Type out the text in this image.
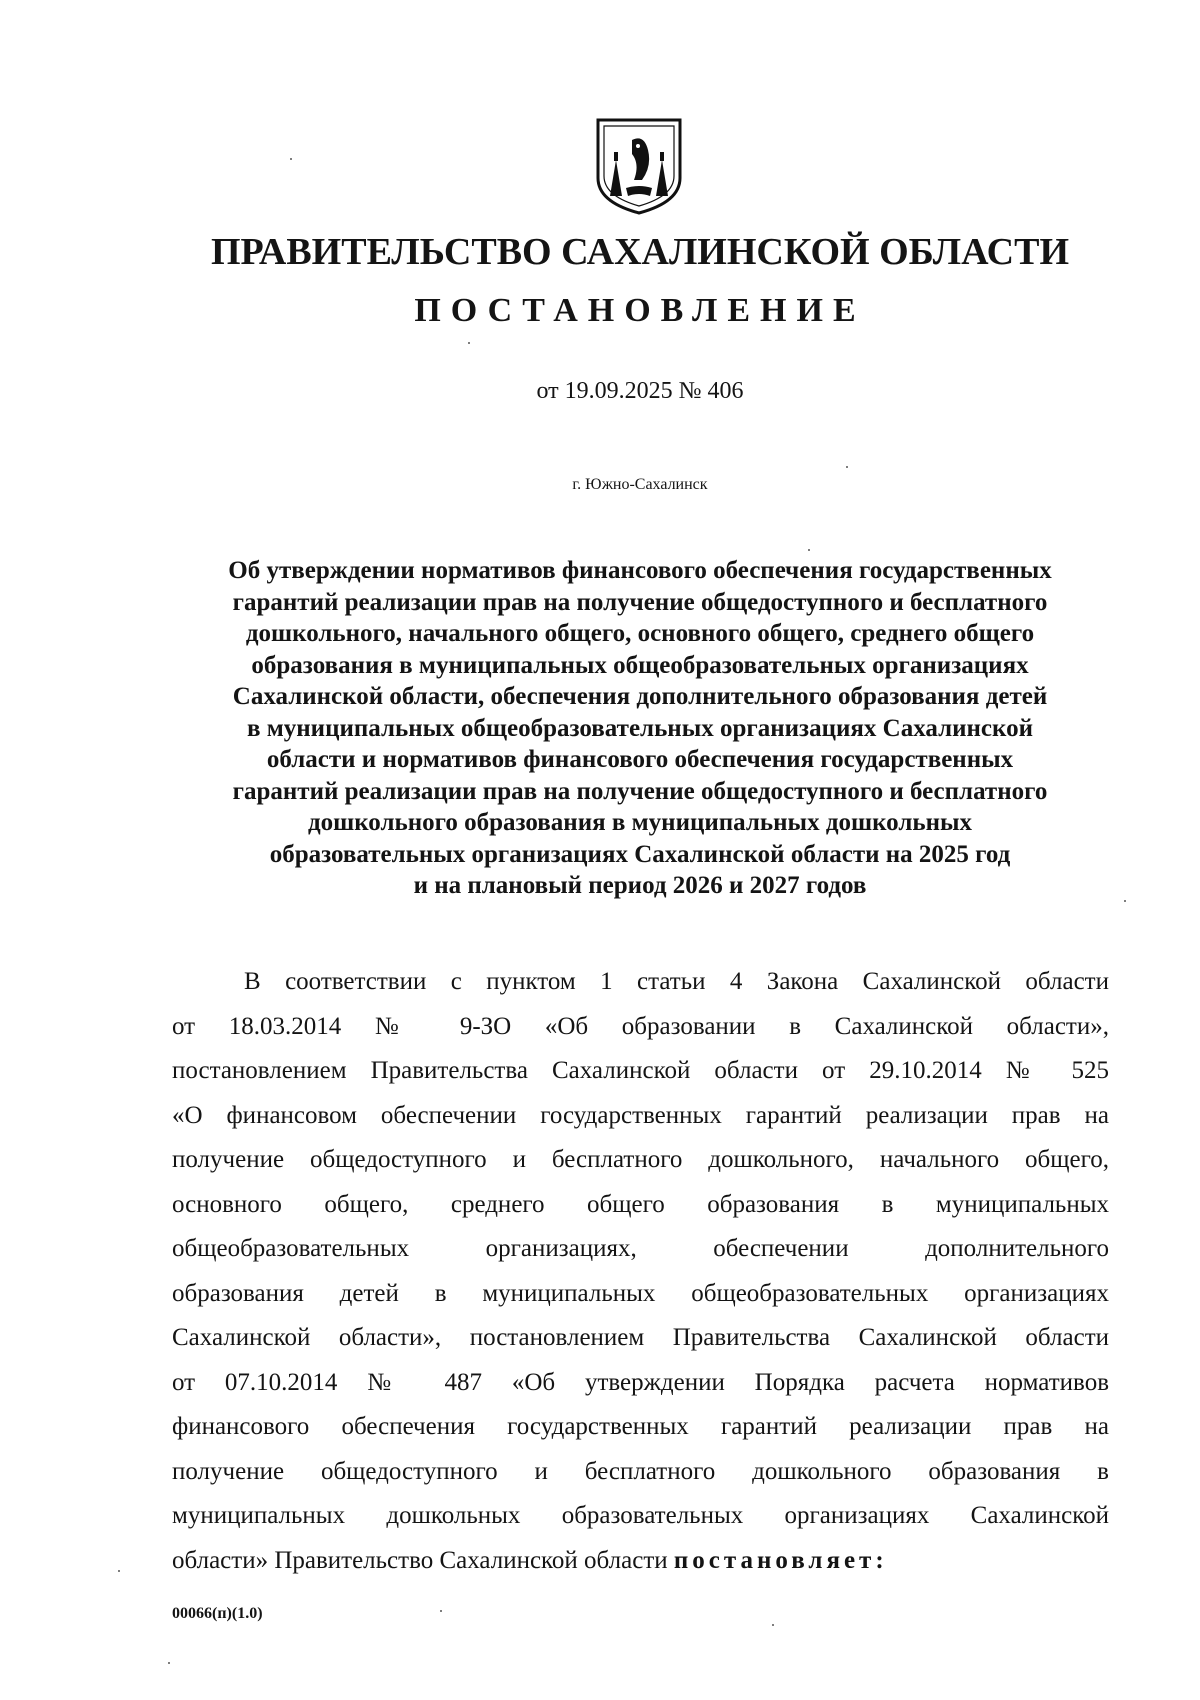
ПРАВИТЕЛЬСТВО САХАЛИНСКОЙ ОБЛАСТИ
ПОСТАНОВЛЕНИЕ

от 19.09.2025 № 406

г. Южно-Сахалинск

Об утверждении нормативов финансового обеспечения государственных
гарантий реализации прав на получение общедоступного и бесплатного
дошкольного, начального общего, основного общего, среднего общего
образования в муниципальных общеобразовательных организациях
Сахалинской области, обеспечения дополнительного образования детей
в муниципальных общеобразовательных организациях Сахалинской
области и нормативов финансового обеспечения государственных
гарантий реализации прав на получение общедоступного и бесплатного
дошкольного образования в муниципальных дошкольных
образовательных организациях Сахалинской области на 2025 год
и на плановый период 2026 и 2027 годов

В соответствии с пунктом 1 статьи 4 Закона Сахалинской области
от 18.03.2014 № 9-ЗО «Об образовании в Сахалинской области»,
постановлением Правительства Сахалинской области от 29.10.2014 № 525
«О финансовом обеспечении государственных гарантий реализации прав на
получение общедоступного и бесплатного дошкольного, начального общего,
основного общего, среднего общего образования в муниципальных
общеобразовательных организациях, обеспечении дополнительного
образования детей в муниципальных общеобразовательных организациях
Сахалинской области», постановлением Правительства Сахалинской области
от 07.10.2014 № 487 «Об утверждении Порядка расчета нормативов
финансового обеспечения государственных гарантий реализации прав на
получение общедоступного и бесплатного дошкольного образования в
муниципальных дошкольных образовательных организациях Сахалинской
области» Правительство Сахалинской области постановляет:

00066(п)(1.0)
